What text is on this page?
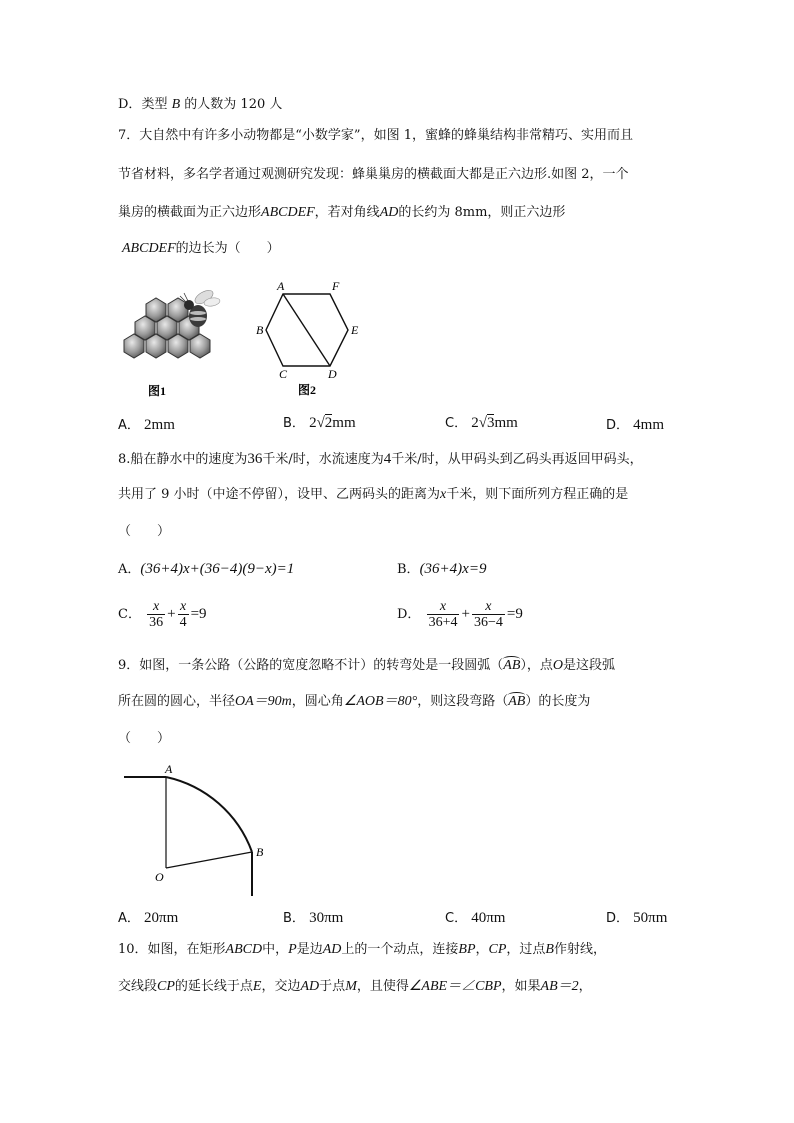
D．类型 B 的人数为 120 人
7．大自然中有许多小动物都是“小数学家”，如图 1，蜜蜂的蜂巢结构非常精巧、实用而且
节省材料，多名学者通过观测研究发现：蜂巢巢房的横截面大都是正六边形.如图 2，一个
巢房的横截面为正六边形ABCDEF，若对角线AD的长约为 8mm，则正六边形
ABCDEF的边长为（　　）
图1
A	F
B	E
C	D
图2
A． 2mm	B． 2√2mm	C． 2√3mm	D． 4mm
8.船在静水中的速度为36千米/时，水流速度为4千米/时，从甲码头到乙码头再返回甲码头，
共用了 9 小时（中途不停留），设甲、乙两码头的距离为x千米，则下面所列方程正确的是
（　　）
A．(36+4)x+(36−4)(9−x)=1	B．(36+4)x=9
C． $\frac{x}{36} + \frac{x}{4} =9$	D． $\frac{x}{36+4} + \frac{x}{36-4} =9$
9．如图，一条公路（公路的宽度忽略不计）的转弯处是一段圆弧（AB），点O是这段弧
所在圆的圆心，半径OA＝90m，圆心角∠AOB＝80°，则这段弯路（AB）的长度为
（　　）
A
B
O
A． 20πm	B． 30πm	C． 40πm	D． 50πm
10．如图，在矩形ABCD中，P是边AD上的一个动点，连接BP，CP，过点B作射线，
交线段CP的延长线于点E，交边AD于点M，且使得∠ABE＝∠CBP，如果AB＝2，
